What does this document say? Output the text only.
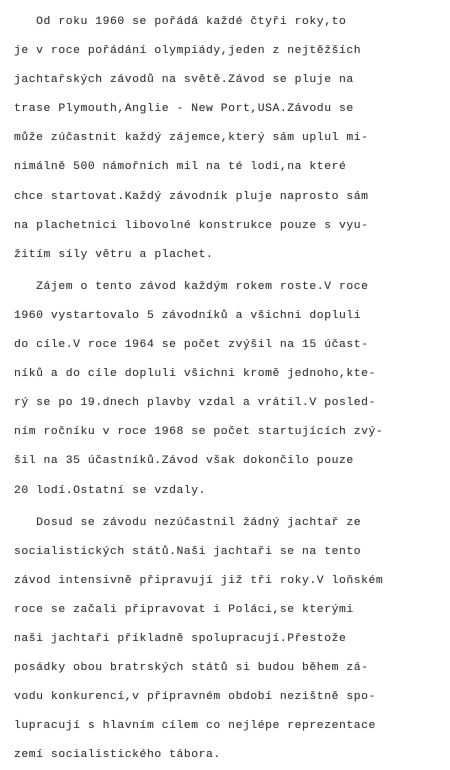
Od roku 1960 se pořádá každé čtyři roky,to
je v roce pořádání olympiády,jeden z nejtěžších
jachtařských závodů na světě.Závod se pluje na
trase Plymouth,Anglie - New Port,USA.Závodu se
může zúčastnit každý zájemce,který sám uplul mi-
nimálně 500 námořních mil na té lodi,na které
chce startovat.Každý závodník pluje naprosto sám
na plachetnici libovolné konstrukce pouze s vyu-
žitím síly větru a plachet.
Zájem o tento závod každým rokem roste.V roce
1960 vystartovalo 5 závodníků a všichni dopluli
do cíle.V roce 1964 se počet zvýšil na 15 účast-
níků a do cíle dopluli všichni kromě jednoho,kte-
rý se po 19.dnech plavby vzdal a vrátil.V posled-
ním ročníku v roce 1968 se počet startujících zvý-
šil na 35 účastníků.Závod však dokončilo pouze
20 lodí.Ostatní se vzdaly.
Dosud se závodu nezúčastnil žádný jachtař ze
socialistických států.Naši jachtaři se na tento
závod intensivně připravují již tři roky.V loňském
roce se začali připravovat i Poláci,se kterými
naši jachtaři příkladně spolupracují.Přestože
posádky obou bratrských států si budou během zá-
vodu konkurencí,v přípravném období nezištně spo-
lupracují s hlavním cílem co nejlépe reprezentace
zemí socialistického tábora.
